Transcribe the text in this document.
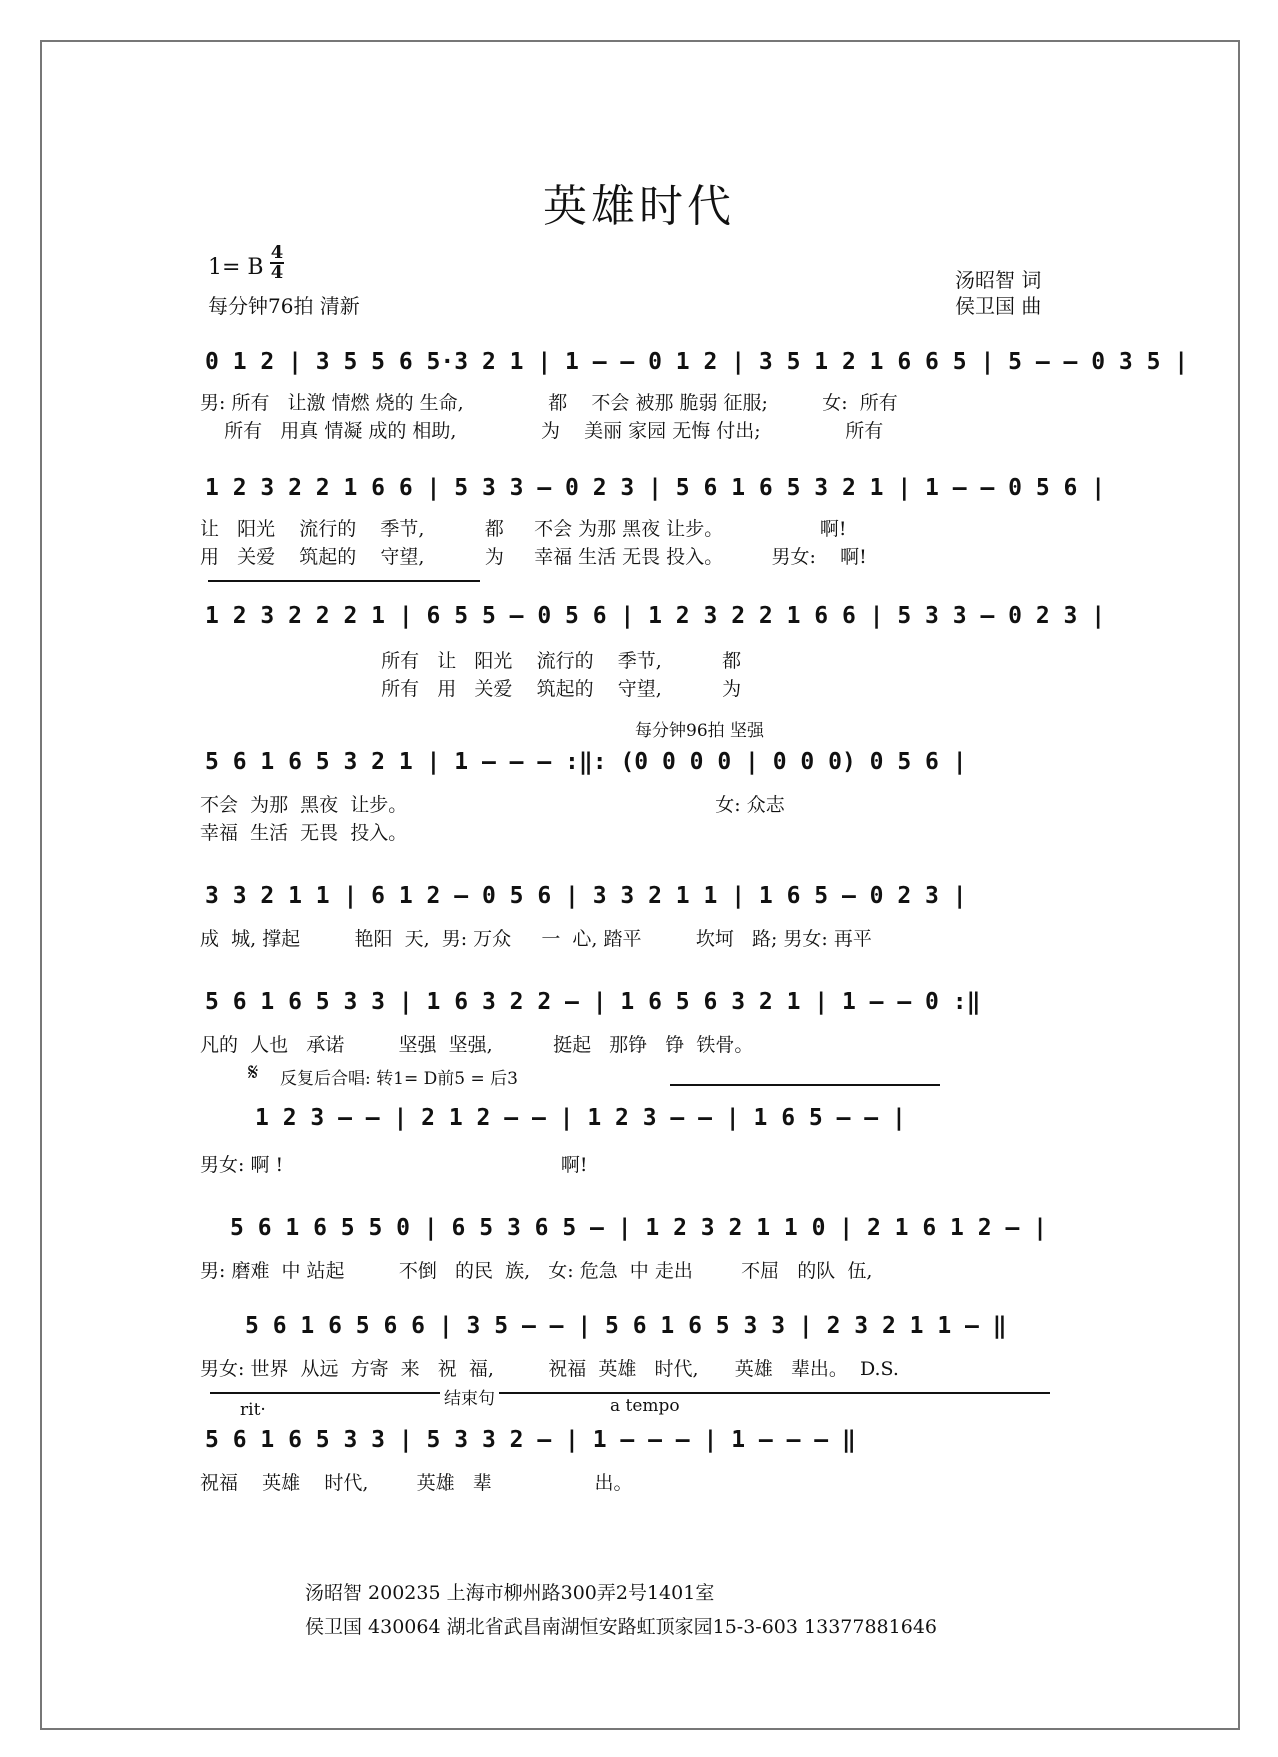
英雄时代
1= B
4
4
每分钟76拍 清新
汤昭智 词
侯卫国 曲
0 1 2 | 3 5 5 6 5·3 2 1 | 1 – – 0 1 2 | 3 5 1 2 1 6 6 5 | 5 – – 0 3 5 |
男: 所有   让激 情燃 烧的 生命,              都    不会 被那 脆弱 征服;         女:  所有
所有   用真 情凝 成的 相助,              为    美丽 家园 无悔 付出;              所有
1 2 3 2 2 1 6 6 | 5 3 3 – 0 2 3 | 5 6 1 6 5 3 2 1 | 1 – – 0 5 6 |
让   阳光    流行的    季节,          都     不会 为那 黑夜 让步。                啊!
用   关爱    筑起的    守望,          为     幸福 生活 无畏 投入。        男女:    啊!
1 2 3 2 2 2 1 | 6 5 5 – 0 5 6 | 1 2 3 2 2 1 6 6 | 5 3 3 – 0 2 3 |
所有   让   阳光    流行的    季节,          都
所有   用   关爱    筑起的    守望,          为
每分钟96拍 坚强
5 6 1 6 5 3 2 1 | 1 – – – :‖: (0 0 0 0 | 0 0 0) 0 5 6 |
不会  为那  黑夜  让步。                                                   女: 众志
幸福  生活  无畏  投入。
3 3 2 1 1 | 6 1 2 – 0 5 6 | 3 3 2 1 1 | 1 6 5 – 0 2 3 |
成  城, 撑起         艳阳  天,  男: 万众     一  心, 踏平         坎坷   路; 男女: 再平
5 6 1 6 5 3 3 | 1 6 3 2 2 – | 1 6 5 6 3 2 1 | 1 – – 0 :‖
凡的  人也   承诺         坚强  坚强,          挺起   那铮   铮  铁骨。
𝄋 反复后合唱: 转1= D前5 = 后3
1 2 3 – – | 2 1 2 – – | 1 2 3 – – | 1 6 5 – – |
男女: 啊 !                                              啊!
5 6 1 6 5 5 0 | 6 5 3 6 5 – | 1 2 3 2 1 1 0 | 2 1 6 1 2 – |
男: 磨难  中 站起         不倒   的民  族,   女: 危急  中 走出        不屈   的队  伍,
5 6 1 6 5 6 6 | 3 5 – – | 5 6 1 6 5 3 3 | 2 3 2 1 1 – ‖
男女: 世界  从远  方寄  来   祝  福,         祝福  英雄   时代,      英雄   辈出。  D.S.
结束句
rit·	a tempo
5 6 1 6 5 3 3 | 5 3 3 2 – | 1 – – – | 1 – – – ‖
祝福    英雄    时代,        英雄   辈                 出。
汤昭智 200235 上海市柳州路300弄2号1401室
侯卫国 430064 湖北省武昌南湖恒安路虹顶家园15-3-603 13377881646
